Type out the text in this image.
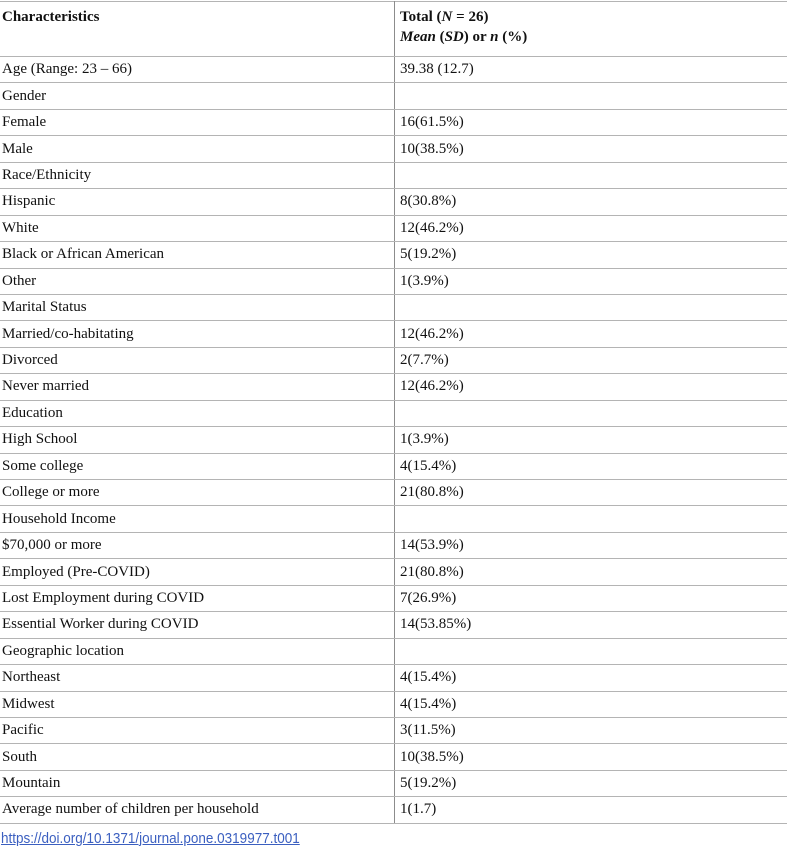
Characteristics	Total (N = 26)
Mean (SD) or n (%)
Age (Range: 23 – 66)	39.38 (12.7)
Gender	
Female	16(61.5%)
Male	10(38.5%)
Race/Ethnicity	
Hispanic	8(30.8%)
White	12(46.2%)
Black or African American	5(19.2%)
Other	1(3.9%)
Marital Status	
Married/co-habitating	12(46.2%)
Divorced	2(7.7%)
Never married	12(46.2%)
Education	
High School	1(3.9%)
Some college	4(15.4%)
College or more	21(80.8%)
Household Income	
$70,000 or more	14(53.9%)
Employed (Pre-COVID)	21(80.8%)
Lost Employment during COVID	7(26.9%)
Essential Worker during COVID	14(53.85%)
Geographic location	
Northeast	4(15.4%)
Midwest	4(15.4%)
Pacific	3(11.5%)
South	10(38.5%)
Mountain	5(19.2%)
Average number of children per household	1(1.7)
https://doi.org/10.1371/journal.pone.0319977.t001
